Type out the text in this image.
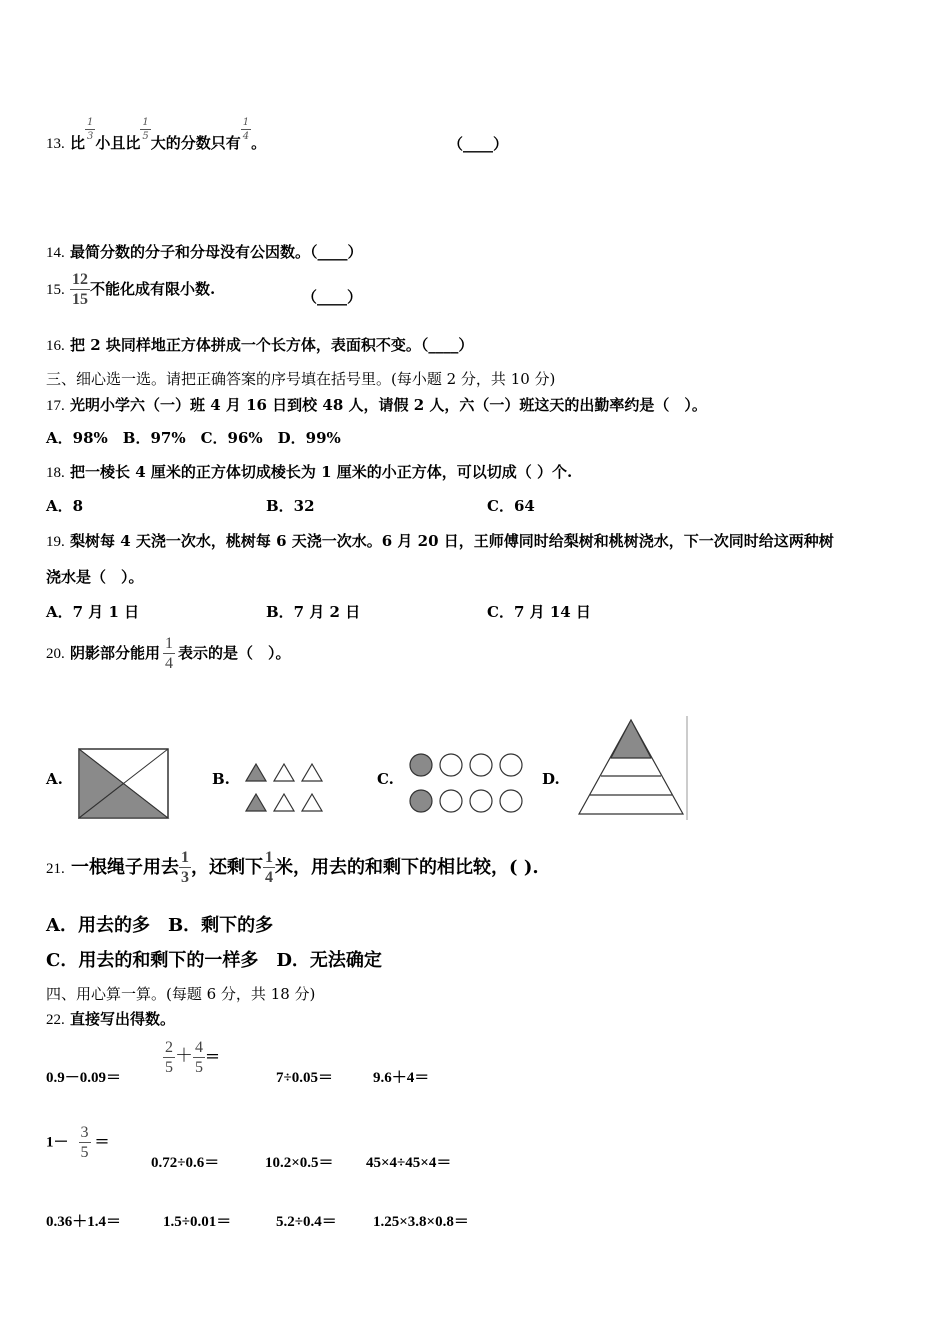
13. 比
$\frac{1}{3}$
小且比
$\frac{1}{5}$
大的分数只有
$\frac{1}{4}$
。	（____）
14. 最简分数的分子和分母没有公因数。（____）
15. $\frac{12}{15}$ 不能化成有限小数.	（____）
16. 把 2 块同样地正方体拼成一个长方体，表面积不变。（____）
三、细心选一选。请把正确答案的序号填在括号里。(每小题 2 分，共 10 分)
17. 光明小学六（一）班 4 月 16 日到校 48 人，请假 2 人，六（一）班这天的出勤率约是（　）。
A．98%　B．97%　C．96%　D．99%
18. 把一棱长 4 厘米的正方体切成棱长为 1 厘米的小正方体，可以切成（ ）个.
A．8	B．32	C．64
19. 梨树每 4 天浇一次水，桃树每 6 天浇一次水。6 月 20 日，王师傅同时给梨树和桃树浇水，下一次同时给这两种树
浇水是（　）。
A．7 月 1 日	B．7 月 2 日	C．7 月 14 日
20. 阴影部分能用 $\frac{1}{4}$ 表示的是（　）。
A.	B.	C.	D.
21. 一根绳子用去 $\frac{1}{3}$ ，还剩下 $\frac{1}{4}$ 米，用去的和剩下的相比较，( ).
A．用去的多　B．剩下的多
C．用去的和剩下的一样多　D．无法确定
四、用心算一算。(每题 6 分，共 18 分)
22. 直接写出得数。
0.9－0.09＝
$\frac{2}{5} + \frac{4}{5}$ ＝
7÷0.05＝	9.6＋4＝
$1- \frac{3}{5}$ ＝
0.72÷0.6＝	10.2×0.5＝ 45×4÷45×4＝
0.36＋1.4＝	1.5÷0.01＝	5.2÷0.4＝ 1.25×3.8×0.8＝
